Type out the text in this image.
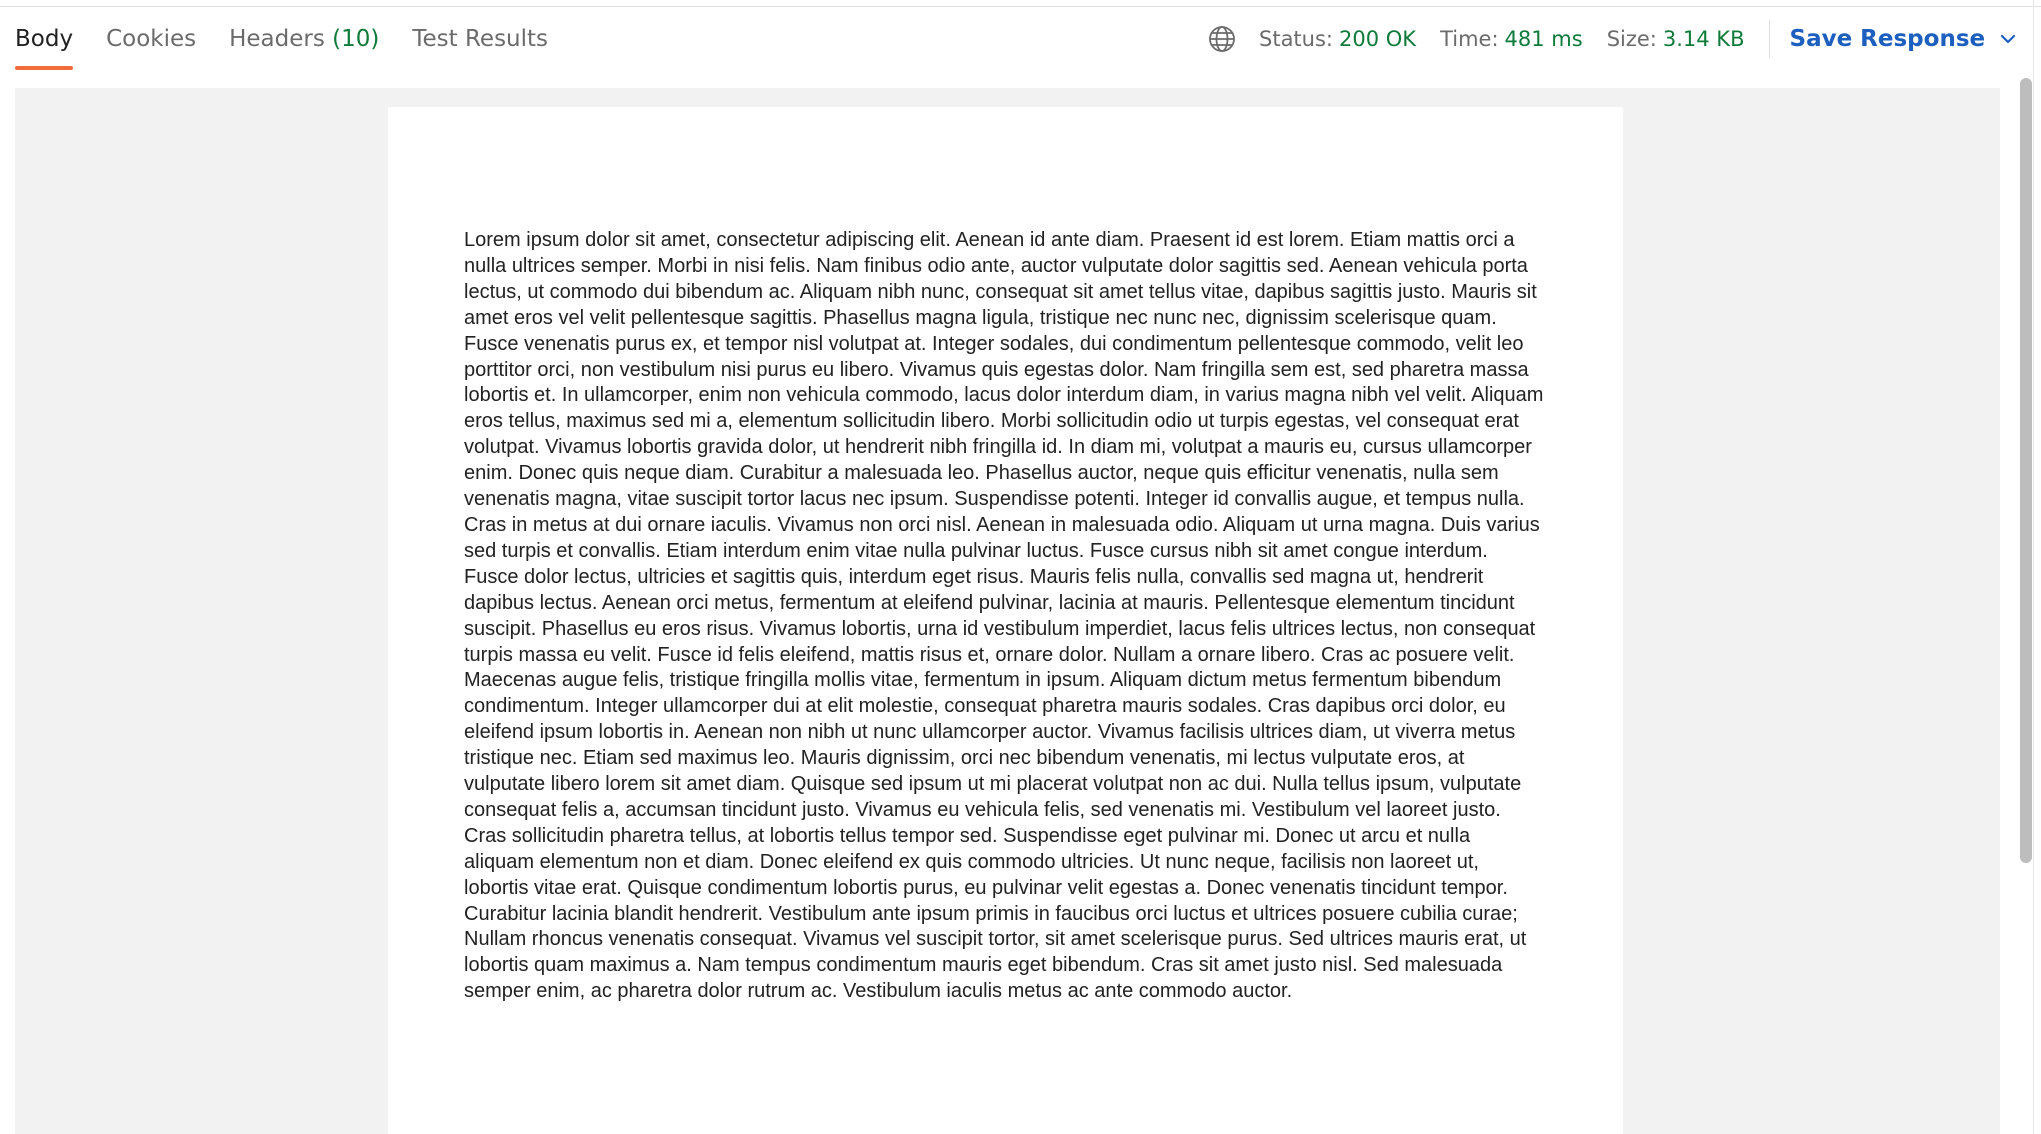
Body Cookies Headers (10) Test Results	Status: 200 OK Time: 481 ms Size: 3.14 KB Save Response

Lorem ipsum dolor sit amet, consectetur adipiscing elit. Aenean id ante diam. Praesent id est lorem. Etiam mattis orci a nulla ultrices semper. Morbi in nisi felis. Nam finibus odio ante, auctor vulputate dolor sagittis sed. Aenean vehicula porta lectus, ut commodo dui bibendum ac. Aliquam nibh nunc, consequat sit amet tellus vitae, dapibus sagittis justo. Mauris sit amet eros vel velit pellentesque sagittis. Phasellus magna ligula, tristique nec nunc nec, dignissim scelerisque quam. Fusce venenatis purus ex, et tempor nisl volutpat at. Integer sodales, dui condimentum pellentesque commodo, velit leo porttitor orci, non vestibulum nisi purus eu libero. Vivamus quis egestas dolor. Nam fringilla sem est, sed pharetra massa lobortis et. In ullamcorper, enim non vehicula commodo, lacus dolor interdum diam, in varius magna nibh vel velit. Aliquam eros tellus, maximus sed mi a, elementum sollicitudin libero. Morbi sollicitudin odio ut turpis egestas, vel consequat erat volutpat. Vivamus lobortis gravida dolor, ut hendrerit nibh fringilla id. In diam mi, volutpat a mauris eu, cursus ullamcorper enim. Donec quis neque diam. Curabitur a malesuada leo. Phasellus auctor, neque quis efficitur venenatis, nulla sem venenatis magna, vitae suscipit tortor lacus nec ipsum. Suspendisse potenti. Integer id convallis augue, et tempus nulla. Cras in metus at dui ornare iaculis. Vivamus non orci nisl. Aenean in malesuada odio. Aliquam ut urna magna. Duis varius sed turpis et convallis. Etiam interdum enim vitae nulla pulvinar luctus. Fusce cursus nibh sit amet congue interdum. Fusce dolor lectus, ultricies et sagittis quis, interdum eget risus. Mauris felis nulla, convallis sed magna ut, hendrerit dapibus lectus. Aenean orci metus, fermentum at eleifend pulvinar, lacinia at mauris. Pellentesque elementum tincidunt suscipit. Phasellus eu eros risus. Vivamus lobortis, urna id vestibulum imperdiet, lacus felis ultrices lectus, non consequat turpis massa eu velit. Fusce id felis eleifend, mattis risus et, ornare dolor. Nullam a ornare libero. Cras ac posuere velit. Maecenas augue felis, tristique fringilla mollis vitae, fermentum in ipsum. Aliquam dictum metus fermentum bibendum condimentum. Integer ullamcorper dui at elit molestie, consequat pharetra mauris sodales. Cras dapibus orci dolor, eu eleifend ipsum lobortis in. Aenean non nibh ut nunc ullamcorper auctor. Vivamus facilisis ultrices diam, ut viverra metus tristique nec. Etiam sed maximus leo. Mauris dignissim, orci nec bibendum venenatis, mi lectus vulputate eros, at vulputate libero lorem sit amet diam. Quisque sed ipsum ut mi placerat volutpat non ac dui. Nulla tellus ipsum, vulputate consequat felis a, accumsan tincidunt justo. Vivamus eu vehicula felis, sed venenatis mi. Vestibulum vel laoreet justo. Cras sollicitudin pharetra tellus, at lobortis tellus tempor sed. Suspendisse eget pulvinar mi. Donec ut arcu et nulla aliquam elementum non et diam. Donec eleifend ex quis commodo ultricies. Ut nunc neque, facilisis non laoreet ut, lobortis vitae erat. Quisque condimentum lobortis purus, eu pulvinar velit egestas a. Donec venenatis tincidunt tempor. Curabitur lacinia blandit hendrerit. Vestibulum ante ipsum primis in faucibus orci luctus et ultrices posuere cubilia curae; Nullam rhoncus venenatis consequat. Vivamus vel suscipit tortor, sit amet scelerisque purus. Sed ultrices mauris erat, ut lobortis quam maximus a. Nam tempus condimentum mauris eget bibendum. Cras sit amet justo nisl. Sed malesuada semper enim, ac pharetra dolor rutrum ac. Vestibulum iaculis metus ac ante commodo auctor.
